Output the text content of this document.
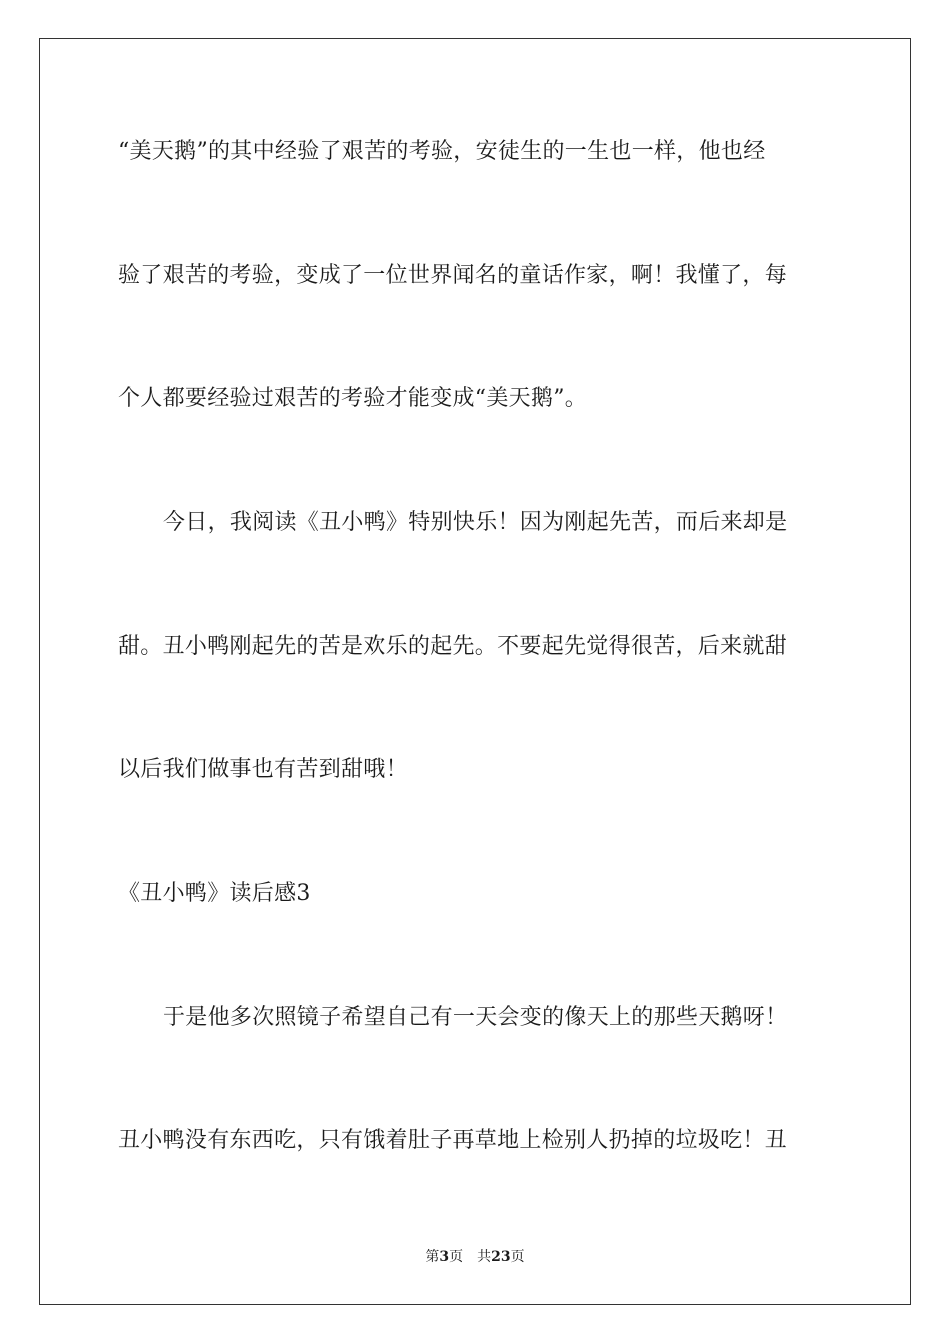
“美天鹅”的其中经验了艰苦的考验，安徒生的一生也一样，他也经
验了艰苦的考验，变成了一位世界闻名的童话作家，啊！我懂了，每
个人都要经验过艰苦的考验才能变成“美天鹅”。
今日，我阅读《丑小鸭》特别快乐！因为刚起先苦，而后来却是
甜。丑小鸭刚起先的苦是欢乐的起先。不要起先觉得很苦，后来就甜
以后我们做事也有苦到甜哦！
《丑小鸭》读后感3
于是他多次照镜子希望自己有一天会变的像天上的那些天鹅呀！
丑小鸭没有东西吃，只有饿着肚子再草地上检别人扔掉的垃圾吃！丑
第3页 共23页
